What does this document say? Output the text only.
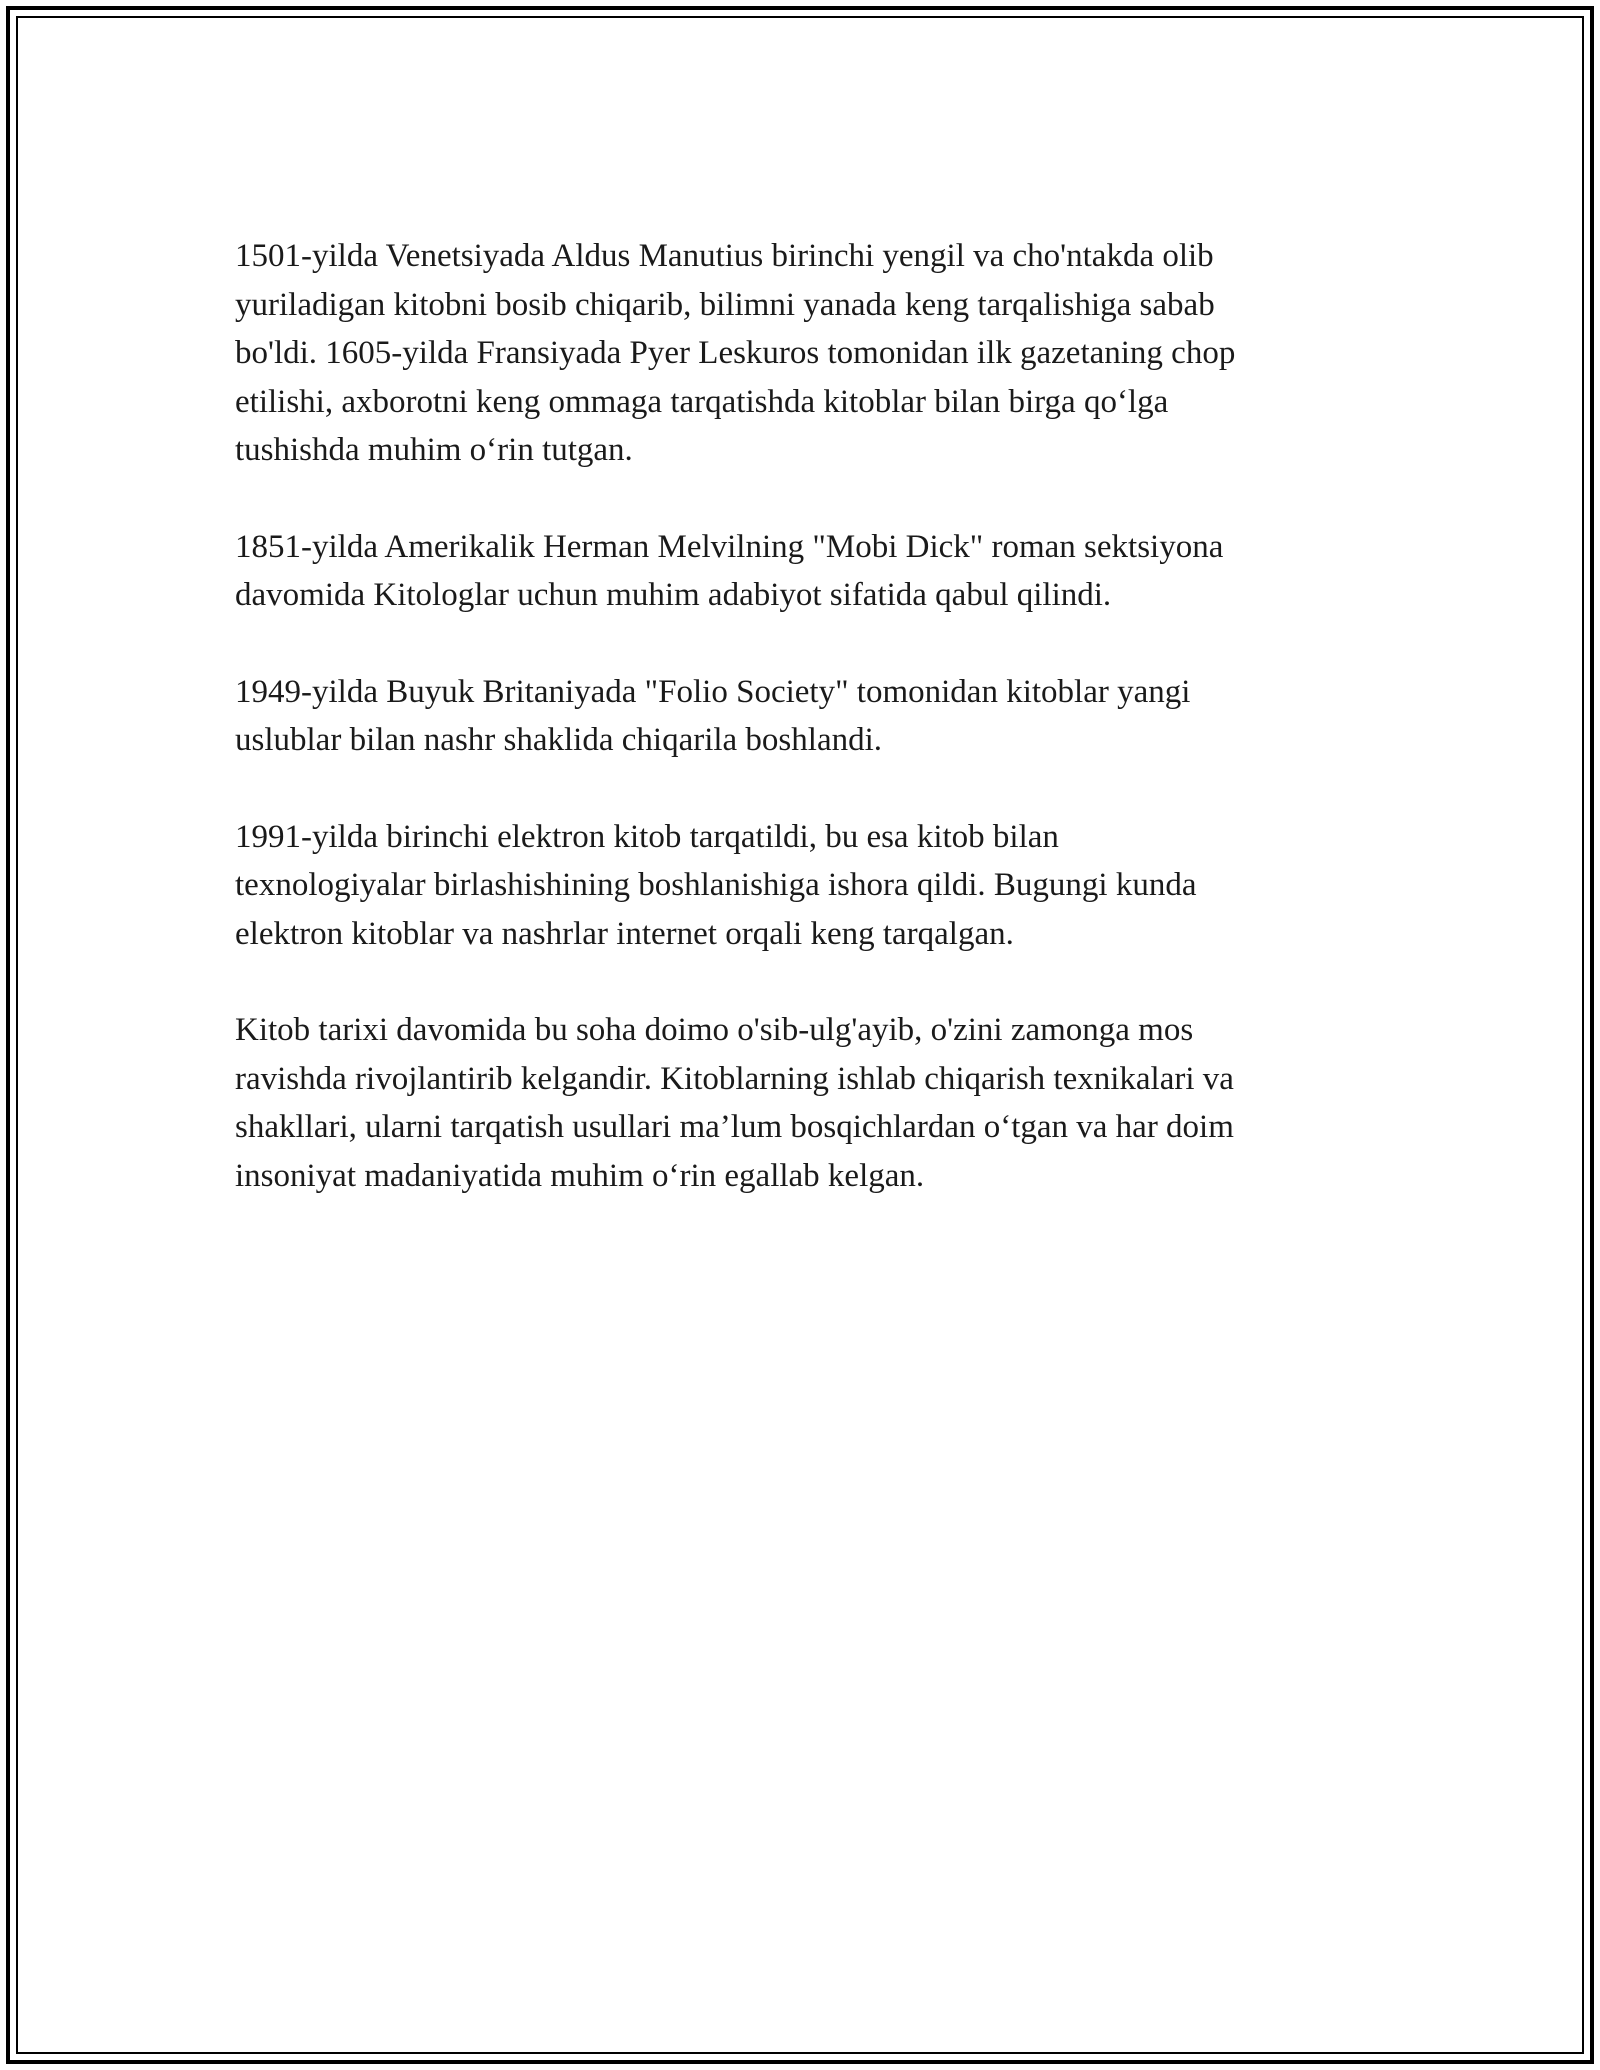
1501-yilda Venetsiyada Aldus Manutius birinchi yengil va cho'ntakda olib
yuriladigan kitobni bosib chiqarib, bilimni yanada keng tarqalishiga sabab
bo'ldi. 1605-yilda Fransiyada Pyer Leskuros tomonidan ilk gazetaning chop
etilishi, axborotni keng ommaga tarqatishda kitoblar bilan birga qo‘lga
tushishda muhim o‘rin tutgan.

1851-yilda Amerikalik Herman Melvilning "Mobi Dick" roman sektsiyona
davomida Kitologlar uchun muhim adabiyot sifatida qabul qilindi.

1949-yilda Buyuk Britaniyada "Folio Society" tomonidan kitoblar yangi
uslublar bilan nashr shaklida chiqarila boshlandi.

1991-yilda birinchi elektron kitob tarqatildi, bu esa kitob bilan
texnologiyalar birlashishining boshlanishiga ishora qildi. Bugungi kunda
elektron kitoblar va nashrlar internet orqali keng tarqalgan.

Kitob tarixi davomida bu soha doimo o'sib-ulg'ayib, o'zini zamonga mos
ravishda rivojlantirib kelgandir. Kitoblarning ishlab chiqarish texnikalari va
shakllari, ularni tarqatish usullari ma’lum bosqichlardan o‘tgan va har doim
insoniyat madaniyatida muhim o‘rin egallab kelgan.
